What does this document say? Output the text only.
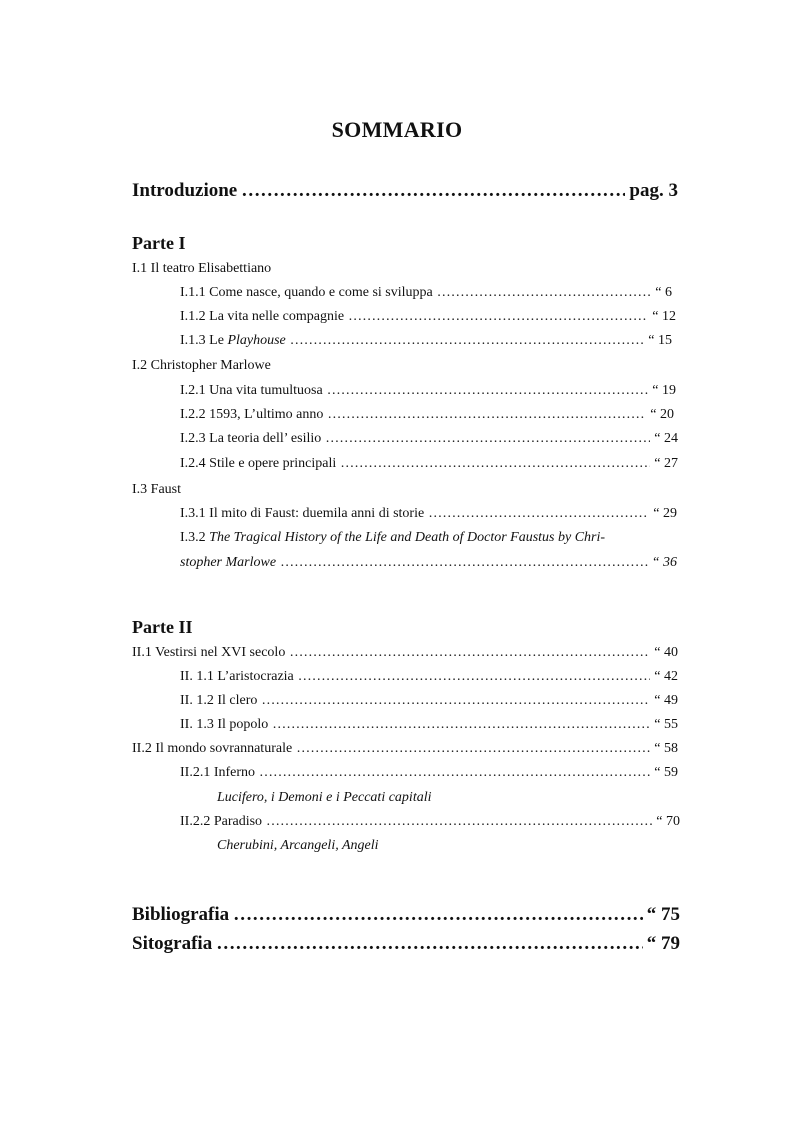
SOMMARIO
Introduzione …………………………………………………………………………………………………………………………………………………………………………………………………	pag. 3
Parte I
I.1 Il teatro Elisabettiano
I.1.1 Come nasce, quando e come si sviluppa …………………………………………………………………………………………………………………………………………………………………………………………………	“ 6
I.1.2 La vita nelle compagnie …………………………………………………………………………………………………………………………………………………………………………………………………	“ 12
I.1.3 Le Playhouse …………………………………………………………………………………………………………………………………………………………………………………………………	“ 15
I.2 Christopher Marlowe
I.2.1 Una vita tumultuosa …………………………………………………………………………………………………………………………………………………………………………………………………	“ 19
I.2.2 1593, L’ultimo anno …………………………………………………………………………………………………………………………………………………………………………………………………	“ 20
I.2.3 La teoria dell’ esilio …………………………………………………………………………………………………………………………………………………………………………………………………	“ 24
I.2.4 Stile e opere principali …………………………………………………………………………………………………………………………………………………………………………………………………	“ 27
I.3 Faust
I.3.1 Il mito di Faust: duemila anni di storie …………………………………………………………………………………………………………………………………………………………………………………………………	“ 29
I.3.2 The Tragical History of the Life and Death of Doctor Faustus by Chri-
stopher Marlowe …………………………………………………………………………………………………………………………………………………………………………………………………	“ 36
Parte II
II.1 Vestirsi nel XVI secolo …………………………………………………………………………………………………………………………………………………………………………………………………	“ 40
II. 1.1 L’aristocrazia …………………………………………………………………………………………………………………………………………………………………………………………………	“ 42
II. 1.2 Il clero …………………………………………………………………………………………………………………………………………………………………………………………………	“ 49
II. 1.3 Il popolo …………………………………………………………………………………………………………………………………………………………………………………………………	“ 55
II.2 Il mondo sovrannaturale …………………………………………………………………………………………………………………………………………………………………………………………………	“ 58
II.2.1 Inferno …………………………………………………………………………………………………………………………………………………………………………………………………	“ 59
Lucifero, i Demoni e i Peccati capitali
II.2.2 Paradiso …………………………………………………………………………………………………………………………………………………………………………………………………	“ 70
Cherubini, Arcangeli, Angeli
Bibliografia …………………………………………………………………………………………………………………………………………………………………………………………………	“ 75
Sitografia …………………………………………………………………………………………………………………………………………………………………………………………………	“ 79
